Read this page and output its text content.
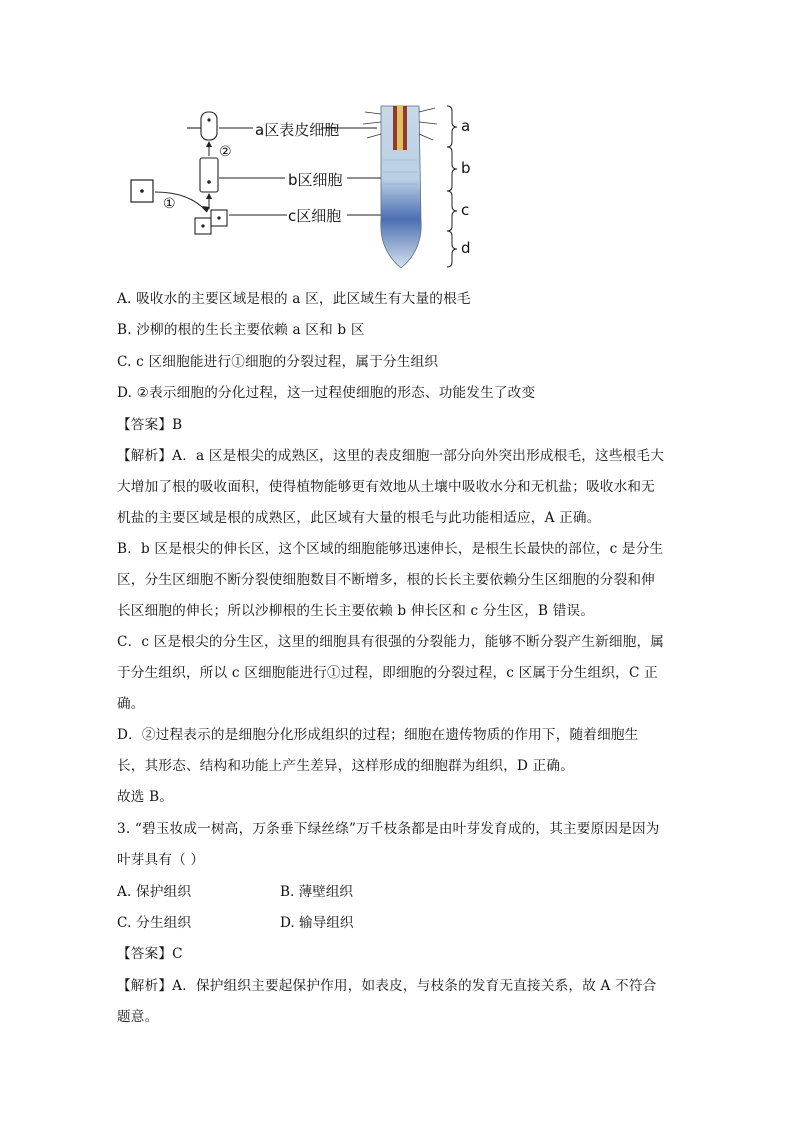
a区表皮细胞
b区细胞
c区细胞
①
②
a
b
c
d
A. 吸收水的主要区域是根的 a 区，此区域生有大量的根毛
B. 沙柳的根的生长主要依赖 a 区和 b 区
C. c 区细胞能进行①细胞的分裂过程，属于分生组织
D. ②表示细胞的分化过程，这一过程使细胞的形态、功能发生了改变
【答案】B
【解析】A．a 区是根尖的成熟区，这里的表皮细胞一部分向外突出形成根毛，这些根毛大
大增加了根的吸收面积，使得植物能够更有效地从土壤中吸收水分和无机盐；吸收水和无
机盐的主要区域是根的成熟区，此区域有大量的根毛与此功能相适应，A 正确。
B．b 区是根尖的伸长区，这个区域的细胞能够迅速伸长，是根生长最快的部位，c 是分生
区，分生区细胞不断分裂使细胞数目不断增多，根的长长主要依赖分生区细胞的分裂和伸
长区细胞的伸长；所以沙柳根的生长主要依赖 b 伸长区和 c 分生区，B 错误。
C．c 区是根尖的分生区，这里的细胞具有很强的分裂能力，能够不断分裂产生新细胞，属
于分生组织，所以 c 区细胞能进行①过程，即细胞的分裂过程，c 区属于分生组织，C 正
确。
D．②过程表示的是细胞分化形成组织的过程；细胞在遗传物质的作用下，随着细胞生
长，其形态、结构和功能上产生差异，这样形成的细胞群为组织，D 正确。
故选 B。
3. “碧玉妆成一树高，万条垂下绿丝绦”万千枝条都是由叶芽发育成的，其主要原因是因为
叶芽具有（ ）
A. 保护组织	B. 薄壁组织
C. 分生组织	D. 输导组织
【答案】C
【解析】A．保护组织主要起保护作用，如表皮，与枝条的发育无直接关系，故 A 不符合
题意。
